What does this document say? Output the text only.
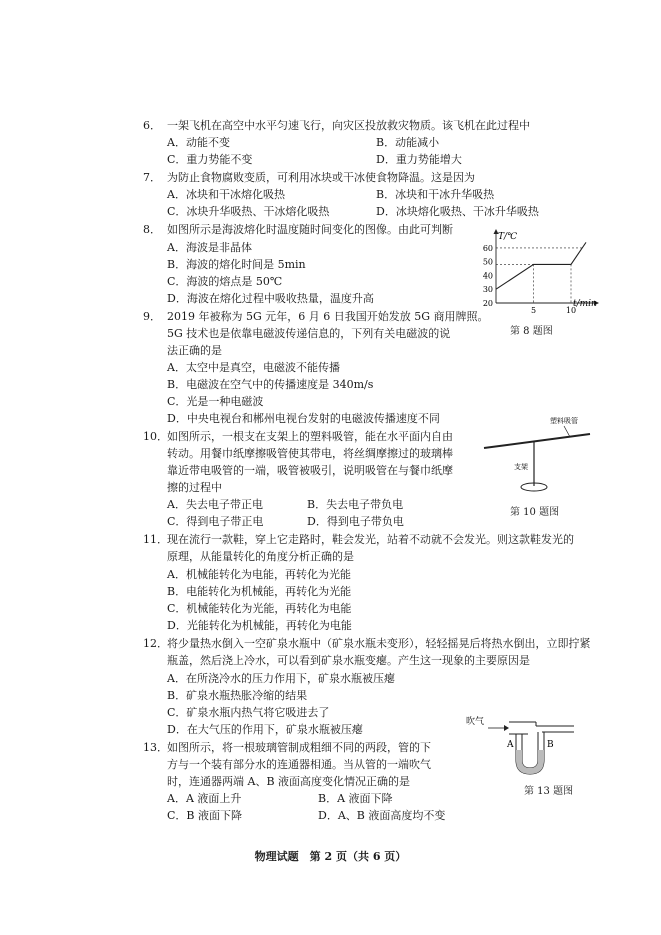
6． 一架飞机在高空中水平匀速飞行，向灾区投放救灾物质。该飞机在此过程中
A．动能不变	B．动能减小
C．重力势能不变	D．重力势能增大
7． 为防止食物腐败变质，可利用冰块或干冰使食物降温。这是因为
A．冰块和干冰熔化吸热	B．冰块和干冰升华吸热
C．冰块升华吸热、干冰熔化吸热	D．冰块熔化吸热、干冰升华吸热
8． 如图所示是海波熔化时温度随时间变化的图像。由此可判断
A．海波是非晶体
B．海波的熔化时间是 5min
C．海波的熔点是 50℃
D．海波在熔化过程中吸收热量，温度升高	20
30
40
50
60
5	10
T/℃
t/min
第 8 题图
9． 2019 年被称为 5G 元年，6 月 6 日我国开始发放 5G 商用牌照。
5G 技术也是依靠电磁波传递信息的，下列有关电磁波的说
法正确的是
A．太空中是真空，电磁波不能传播
B．电磁波在空气中的传播速度是 340m/s
C．光是一种电磁波
D．中央电视台和郴州电视台发射的电磁波传播速度不同
10．如图所示，一根支在支架上的塑料吸管，能在水平面内自由
转动。用餐巾纸摩擦吸管使其带电，将丝绸摩擦过的玻璃棒
靠近带电吸管的一端，吸管被吸引，说明吸管在与餐巾纸摩
擦的过程中
A．失去电子带正电	B．失去电子带负电
C．得到电子带正电	D．得到电子带负电
塑料吸管
支架
第 10 题图
11．现在流行一款鞋，穿上它走路时，鞋会发光，站着不动就不会发光。则这款鞋发光的
原理，从能量转化的角度分析正确的是
A．机械能转化为电能，再转化为光能
B．电能转化为机械能，再转化为光能
C．机械能转化为光能，再转化为电能
D．光能转化为机械能，再转化为电能
12．将少量热水倒入一空矿泉水瓶中（矿泉水瓶未变形），轻轻摇晃后将热水倒出，立即拧紧
瓶盖，然后浇上冷水，可以看到矿泉水瓶变瘪。产生这一现象的主要原因是
A．在所浇冷水的压力作用下，矿泉水瓶被压瘪
B．矿泉水瓶热胀冷缩的结果
C．矿泉水瓶内热气将它吸进去了
D．在大气压的作用下，矿泉水瓶被压瘪
13．如图所示，将一根玻璃管制成粗细不同的两段，管的下
方与一个装有部分水的连通器相通。当从管的一端吹气
时，连通器两端 A、B 液面高度变化情况正确的是
A．A 液面上升	B．A 液面下降
C．B 液面下降	D．A、B 液面高度均不变
吹气
A	B
第 13 题图
物理试题　第 2 页（共 6 页）
